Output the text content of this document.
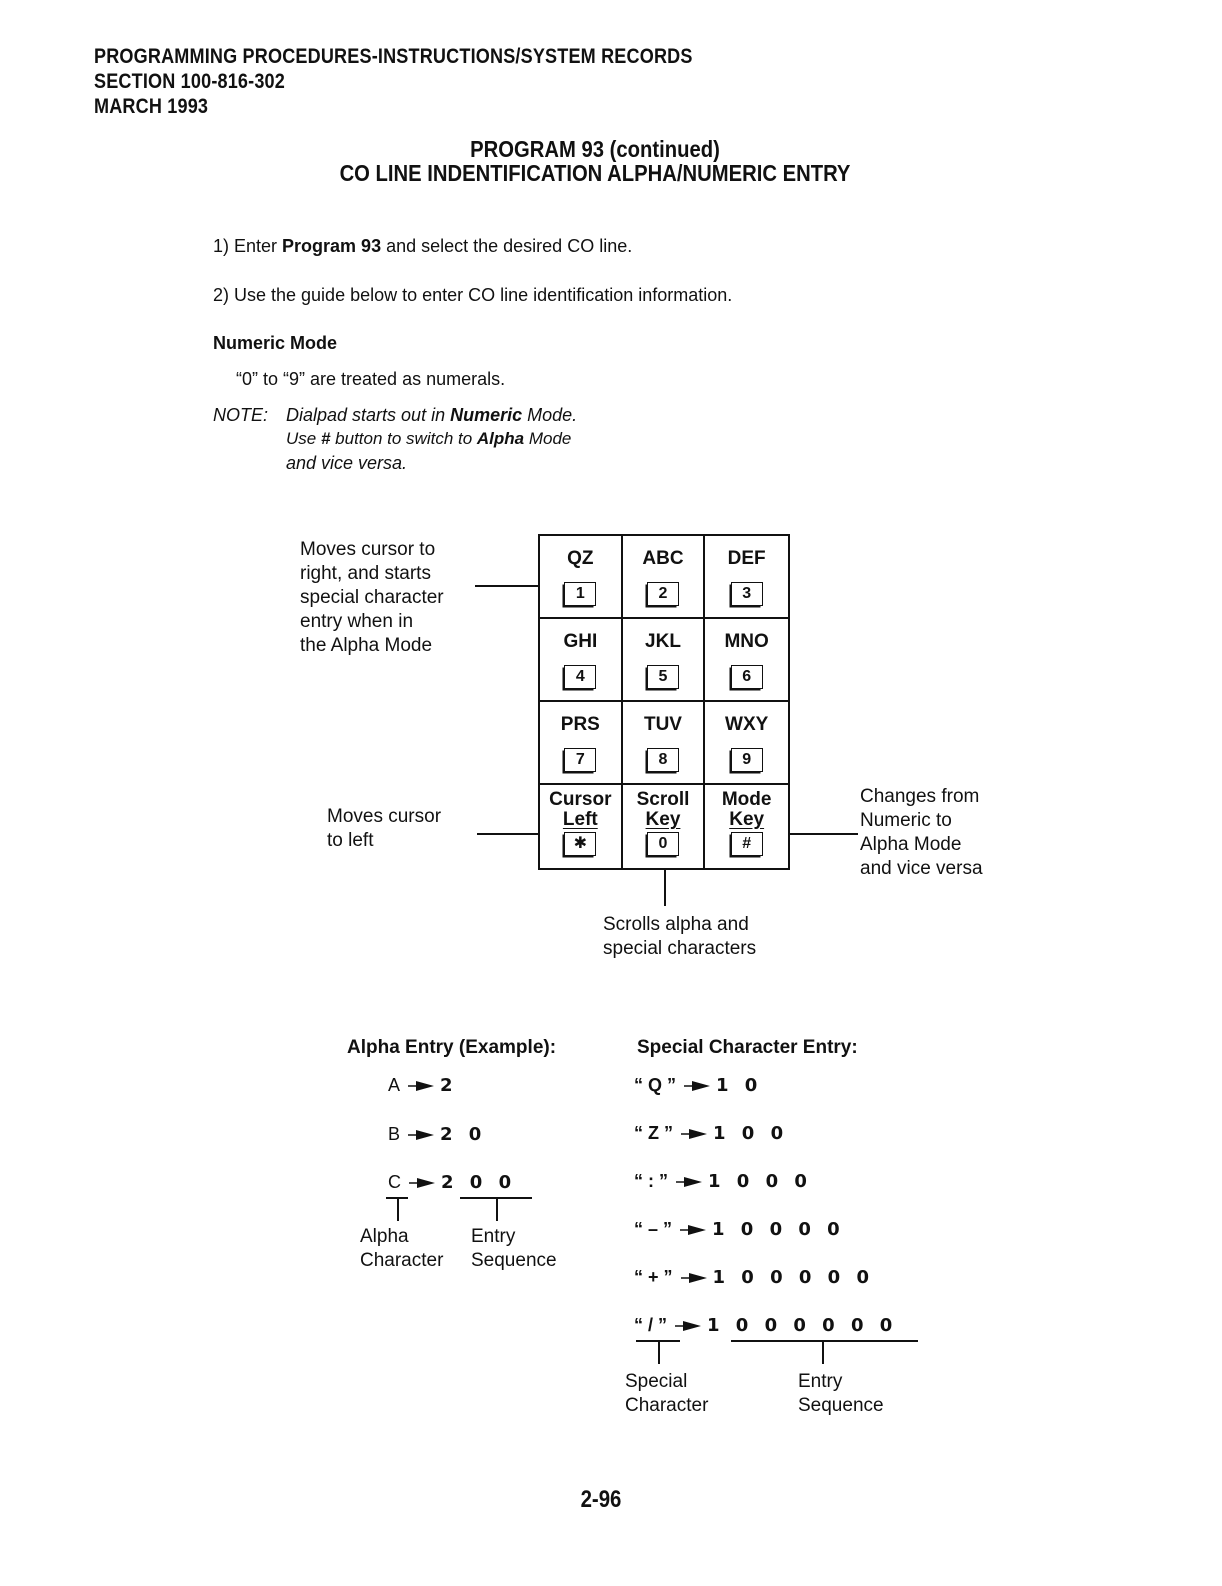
PROGRAMMING PROCEDURES-INSTRUCTIONS/SYSTEM RECORDS
SECTION 100-816-302
MARCH 1993
PROGRAM 93 (continued)
CO LINE INDENTIFICATION ALPHA/NUMERIC ENTRY
1) Enter Program 93 and select the desired CO line.
2) Use the guide below to enter CO line identification information.
Numeric Mode
“0” to “9” are treated as numerals.
NOTE: Dialpad starts out in Numeric Mode.
Use # button to switch to Alpha Mode
and vice versa.
QZ
1
ABC
2
DEF
3
GHI
4
JKL
5
MNO
6
PRS
7
TUV
8
WXY
9
Cursor
Left
✱
Scroll
Key
0
Mode
Key
#
Moves cursor to
right, and starts
special character
entry when in
the Alpha Mode
Moves cursor
to left
Changes from
Numeric to
Alpha Mode
and vice versa
Scrolls alpha and
special characters
Alpha Entry (Example):
A 2
B 2 0
C 2 0 0
Alpha
Character
Entry
Sequence
Special Character Entry:
“ Q ” 1 0
“ Z ” 1 0 0
“ : ” 1 0 0 0
“ – ” 1 0 0 0 0
“ + ” 1 0 0 0 0 0
“ / ” 1 0 0 0 0 0 0
Special
Character
Entry
Sequence
2-96
